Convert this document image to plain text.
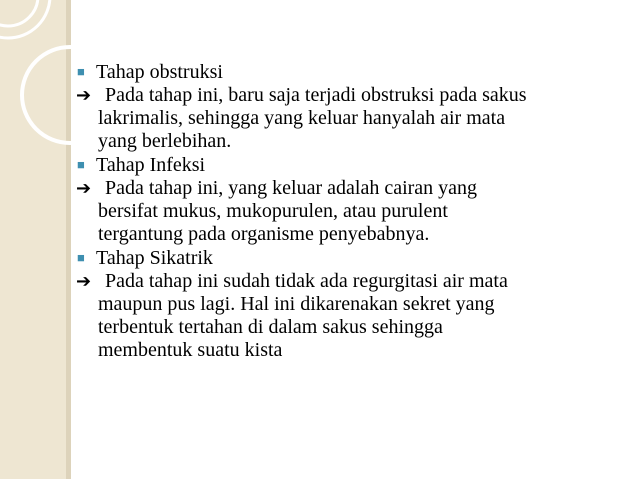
■ Tahap obstruksi
➔ Pada tahap ini, baru saja terjadi obstruksi pada sakus
lakrimalis, sehingga yang keluar hanyalah air mata
yang berlebihan.
■ Tahap Infeksi
➔ Pada tahap ini, yang keluar adalah cairan yang
bersifat mukus, mukopurulen, atau purulent
tergantung pada organisme penyebabnya.
■ Tahap Sikatrik
➔ Pada tahap ini sudah tidak ada regurgitasi air mata
maupun pus lagi. Hal ini dikarenakan sekret yang
terbentuk tertahan di dalam sakus sehingga
membentuk suatu kista
